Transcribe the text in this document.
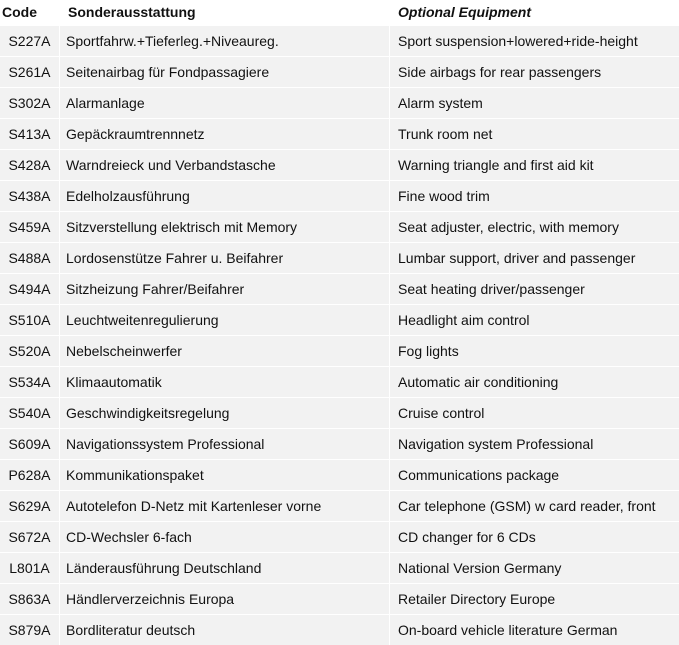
Code	Sonderausstattung	Optional Equipment
S227A	Sportfahrw.+Tieferleg.+Niveaureg.	Sport suspension+lowered+ride-height
S261A	Seitenairbag für Fondpassagiere	Side airbags for rear passengers
S302A	Alarmanlage	Alarm system
S413A	Gepäckraumtrennnetz	Trunk room net
S428A	Warndreieck und Verbandstasche	Warning triangle and first aid kit
S438A	Edelholzausführung	Fine wood trim
S459A	Sitzverstellung elektrisch mit Memory	Seat adjuster, electric, with memory
S488A	Lordosenstütze Fahrer u. Beifahrer	Lumbar support, driver and passenger
S494A	Sitzheizung Fahrer/Beifahrer	Seat heating driver/passenger
S510A	Leuchtweitenregulierung	Headlight aim control
S520A	Nebelscheinwerfer	Fog lights
S534A	Klimaautomatik	Automatic air conditioning
S540A	Geschwindigkeitsregelung	Cruise control
S609A	Navigationssystem Professional	Navigation system Professional
P628A	Kommunikationspaket	Communications package
S629A	Autotelefon D-Netz mit Kartenleser vorne	Car telephone (GSM) w card reader, front
S672A	CD-Wechsler 6-fach	CD changer for 6 CDs
L801A	Länderausführung Deutschland	National Version Germany
S863A	Händlerverzeichnis Europa	Retailer Directory Europe
S879A	Bordliteratur deutsch	On-board vehicle literature German
